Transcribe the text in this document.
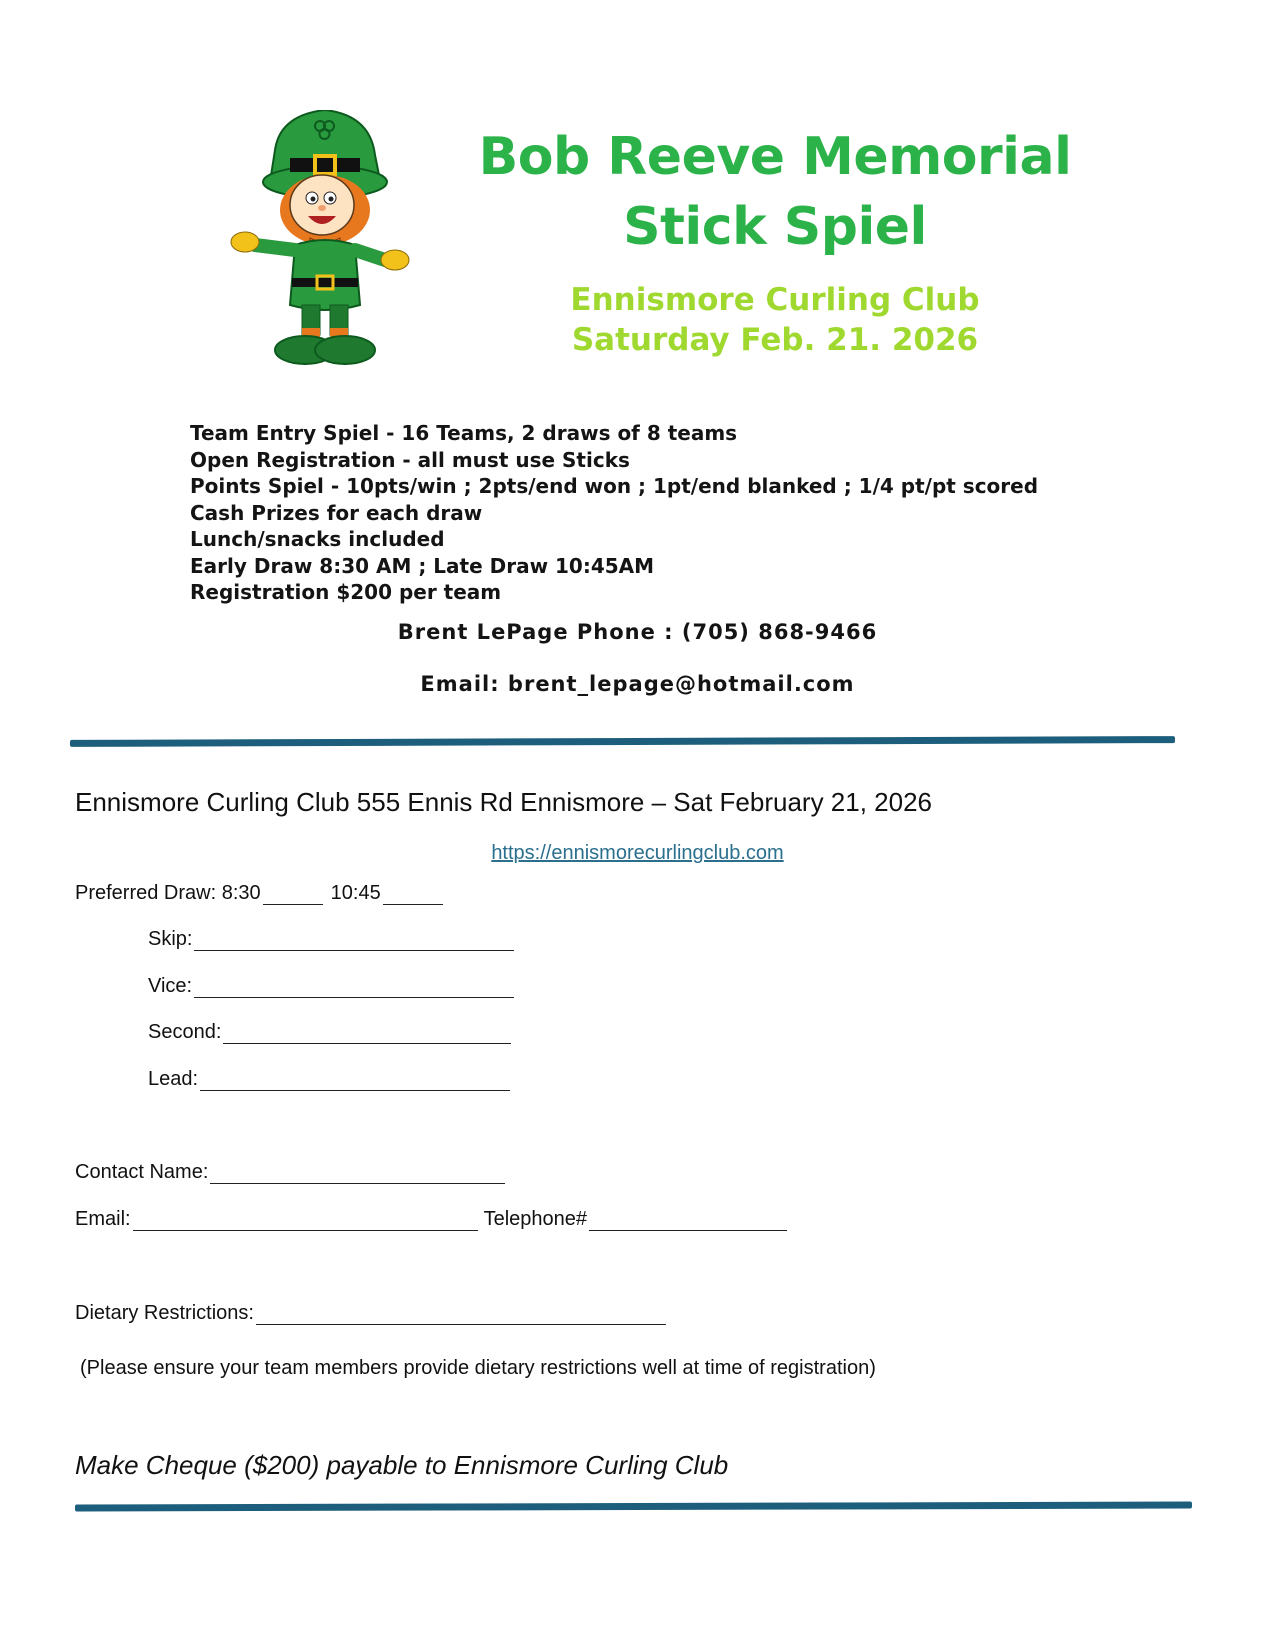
Bob Reeve Memorial
Stick Spiel
Ennismore Curling Club
Saturday Feb. 21. 2026
Team Entry Spiel - 16 Teams, 2 draws of 8 teams
Open Registration - all must use Sticks
Points Spiel - 10pts/win ; 2pts/end won ; 1pt/end blanked ; 1/4 pt/pt scored
Cash Prizes for each draw
Lunch/snacks included
Early Draw 8:30 AM ; Late Draw 10:45AM
Registration $200 per team
Brent LePage Phone : (705) 868-9466
Email: brent_lepage@hotmail.com
Ennismore Curling Club 555 Ennis Rd Ennismore – Sat February 21, 2026
https://ennismorecurlingclub.com
Preferred Draw: 8:30	10:45
Skip:
Vice:
Second:
Lead:
Contact Name:
Email:	Telephone#
Dietary Restrictions:
(Please ensure your team members provide dietary restrictions well at time of registration)
Make Cheque ($200) payable to Ennismore Curling Club
